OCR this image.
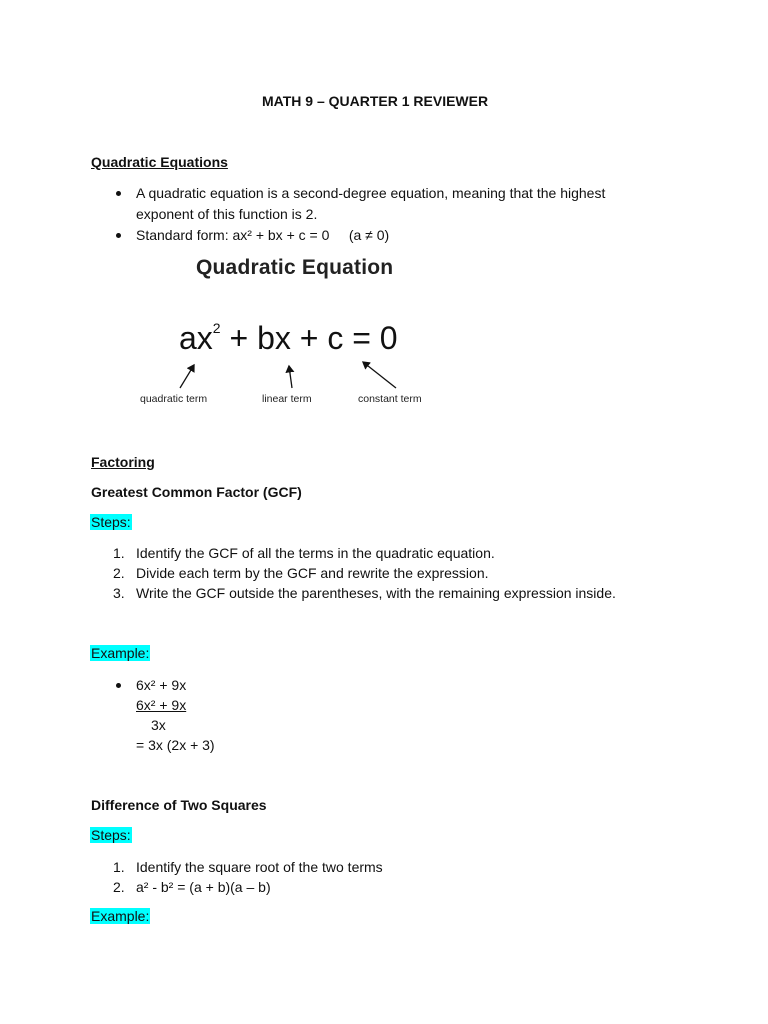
MATH 9 – QUARTER 1 REVIEWER
Quadratic Equations
A quadratic equation is a second-degree equation, meaning that the highest
exponent of this function is 2.
Standard form: ax² + bx + c = 0     (a ≠ 0)
Quadratic Equation
$ax^2$ + bx + c = 0
quadratic term	linear term	constant term
Factoring
Greatest Common Factor (GCF)
Steps:
1. Identify the GCF of all the terms in the quadratic equation.
2. Divide each term by the GCF and rewrite the expression.
3. Write the GCF outside the parentheses, with the remaining expression inside.
Example:
6x² + 9x
6x² + 9x
3x
= 3x (2x + 3)
Difference of Two Squares
Steps:
1. Identify the square root of the two terms
2. a² - b² = (a + b)(a – b)
Example:
